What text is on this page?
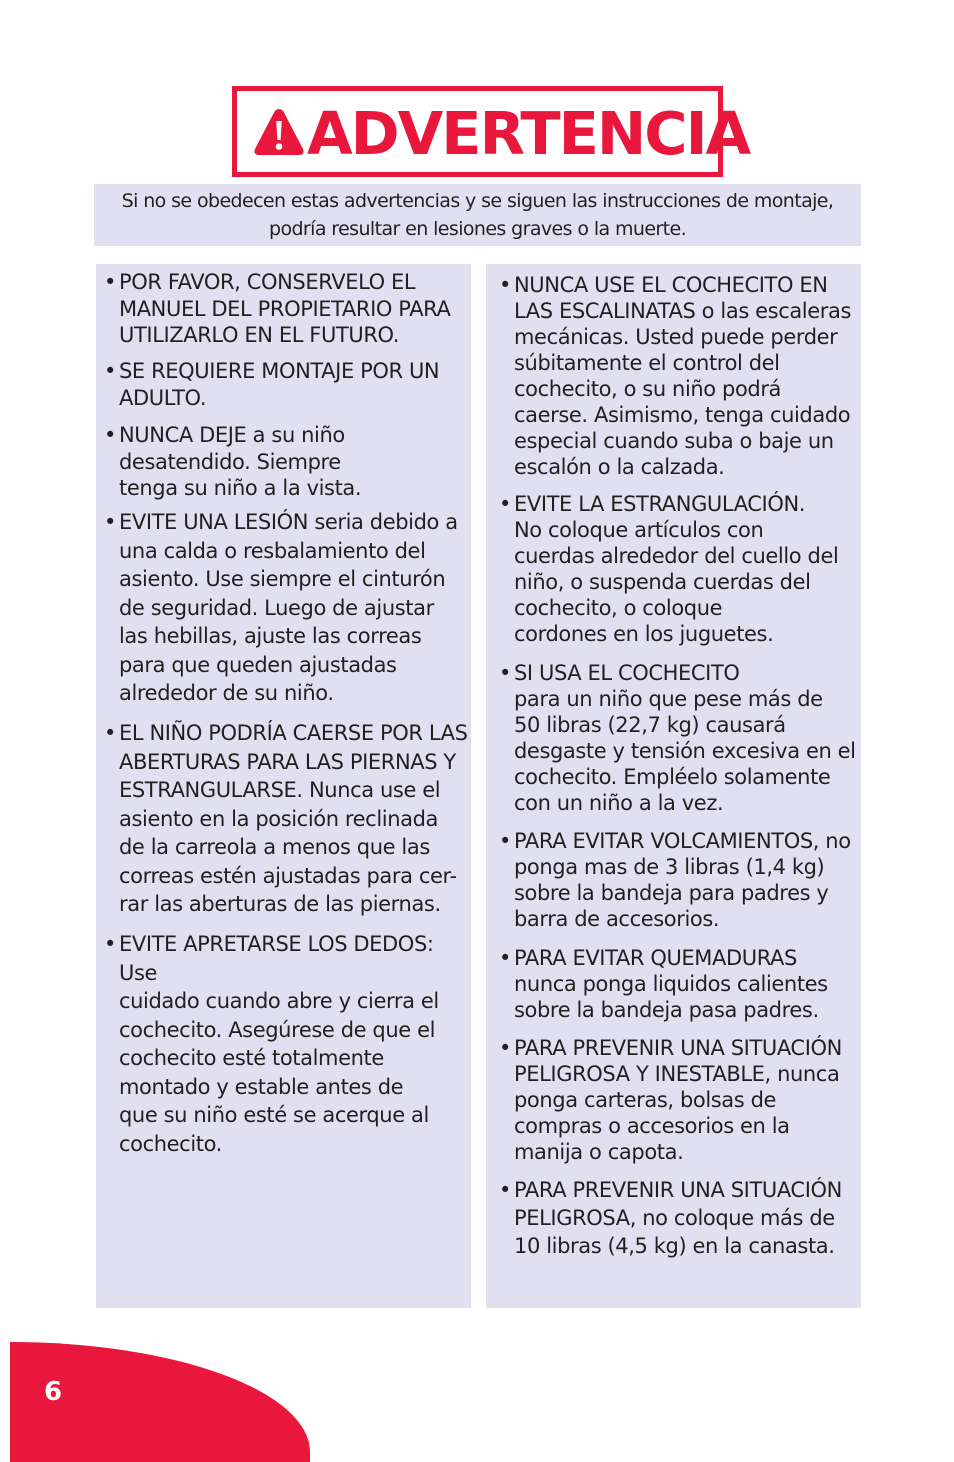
ADVERTENCIA
Si no se obedecen estas advertencias y se siguen las instrucciones de montaje,
podría resultar en lesiones graves o la muerte.
• POR FAVOR, CONSERVELO EL
MANUEL DEL PROPIETARIO PARA
UTILIZARLO EN EL FUTURO.
• SE REQUIERE MONTAJE POR UN
ADULTO.
• NUNCA DEJE a su niño
desatendido. Siempre
tenga su niño a la vista.
• EVITE UNA LESIÓN seria debido a
una calda o resbalamiento del
asiento. Use siempre el cinturón
de seguridad. Luego de ajustar
las hebillas, ajuste las correas
para que queden ajustadas
alrededor de su niño.
• EL NIÑO PODRÍA CAERSE POR LAS
ABERTURAS PARA LAS PIERNAS Y
ESTRANGULARSE. Nunca use el
asiento en la posición reclinada
de la carreola a menos que las
correas estén ajustadas para cer-
rar las aberturas de las piernas.
• EVITE APRETARSE LOS DEDOS: Use
cuidado cuando abre y cierra el
cochecito. Asegúrese de que el
cochecito esté totalmente
montado y estable antes de
que su niño esté se acerque al
cochecito.
• NUNCA USE EL COCHECITO EN
LAS ESCALINATAS o las escaleras
mecánicas. Usted puede perder
súbitamente el control del
cochecito, o su niño podrá
caerse. Asimismo, tenga cuidado
especial cuando suba o baje un
escalón o la calzada.
• EVITE LA ESTRANGULACIÓN.
No coloque artículos con
cuerdas alrededor del cuello del
niño, o suspenda cuerdas del
cochecito, o coloque
cordones en los juguetes.
• SI USA EL COCHECITO
para un niño que pese más de
50 libras (22,7 kg) causará
desgaste y tensión excesiva en el
cochecito. Empléelo solamente
con un niño a la vez.
• PARA EVITAR VOLCAMIENTOS, no
ponga mas de 3 libras (1,4 kg)
sobre la bandeja para padres y
barra de accesorios.
• PARA EVITAR QUEMADURAS
nunca ponga liquidos calientes
sobre la bandeja pasa padres.
• PARA PREVENIR UNA SITUACIÓN
PELIGROSA Y INESTABLE, nunca
ponga carteras, bolsas de
compras o accesorios en la
manija o capota.
• PARA PREVENIR UNA SITUACIÓN
PELIGROSA, no coloque más de
10 libras (4,5 kg) en la canasta.
6
